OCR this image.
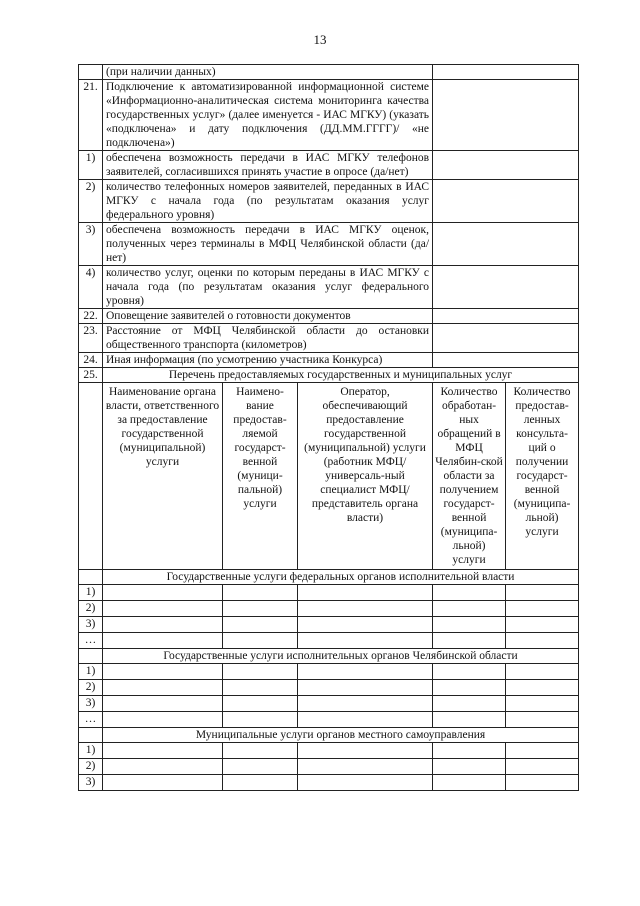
13
	(при наличии данных)				
21.	Подключение к автоматизированной информационной системе «Информационно-аналитическая система мониторинга качества государственных услуг» (далее именуется - ИАС МГКУ) (указать «подключена» и дату подключения (ДД.ММ.ГГГГ)/ «не подключена»)				
1)	обеспечена возможность передачи в ИАС МГКУ телефонов заявителей, согласившихся принять участие в опросе (да/нет)				
2)	количество телефонных номеров заявителей, переданных в ИАС МГКУ с начала года (по результатам оказания услуг федерального уровня)				
3)	обеспечена возможность передачи в ИАС МГКУ оценок, полученных через терминалы в МФЦ Челябинской области (да/нет)				
4)	количество услуг, оценки по которым переданы в ИАС МГКУ с начала года (по результатам оказания услуг федерального уровня)				
22.	Оповещение заявителей о готовности документов				
23.	Расстояние от МФЦ Челябинской области до остановки общественного транспорта (километров)				
24.	Иная информация (по усмотрению участника Конкурса)				
25.	Перечень предоставляемых государственных и муниципальных услуг				
	Наименование органа власти, ответственного за предоставление государственной (муниципальной) услуги	Наимено-вание предостав-ляемой государст-венной (муници-пальной) услуги	Оператор, обеспечивающий предоставление государственной (муниципальной) услуги (работник МФЦ/универсаль-ный специалист МФЦ/ представитель органа власти)	Количество обработан-ных обращений в МФЦ Челябин-ской области за получением государст-венной (муниципа-льной) услуги	Количество предостав-ленных консульта-ций о получении государст-венной (муниципа-льной) услуги
	Государственные услуги федеральных органов исполнительной власти				
1)					
2)					
3)					
…					
	Государственные услуги исполнительных органов Челябинской области				
1)					
2)					
3)					
…					
	Муниципальные услуги органов местного самоуправления				
1)					
2)					
3)					
